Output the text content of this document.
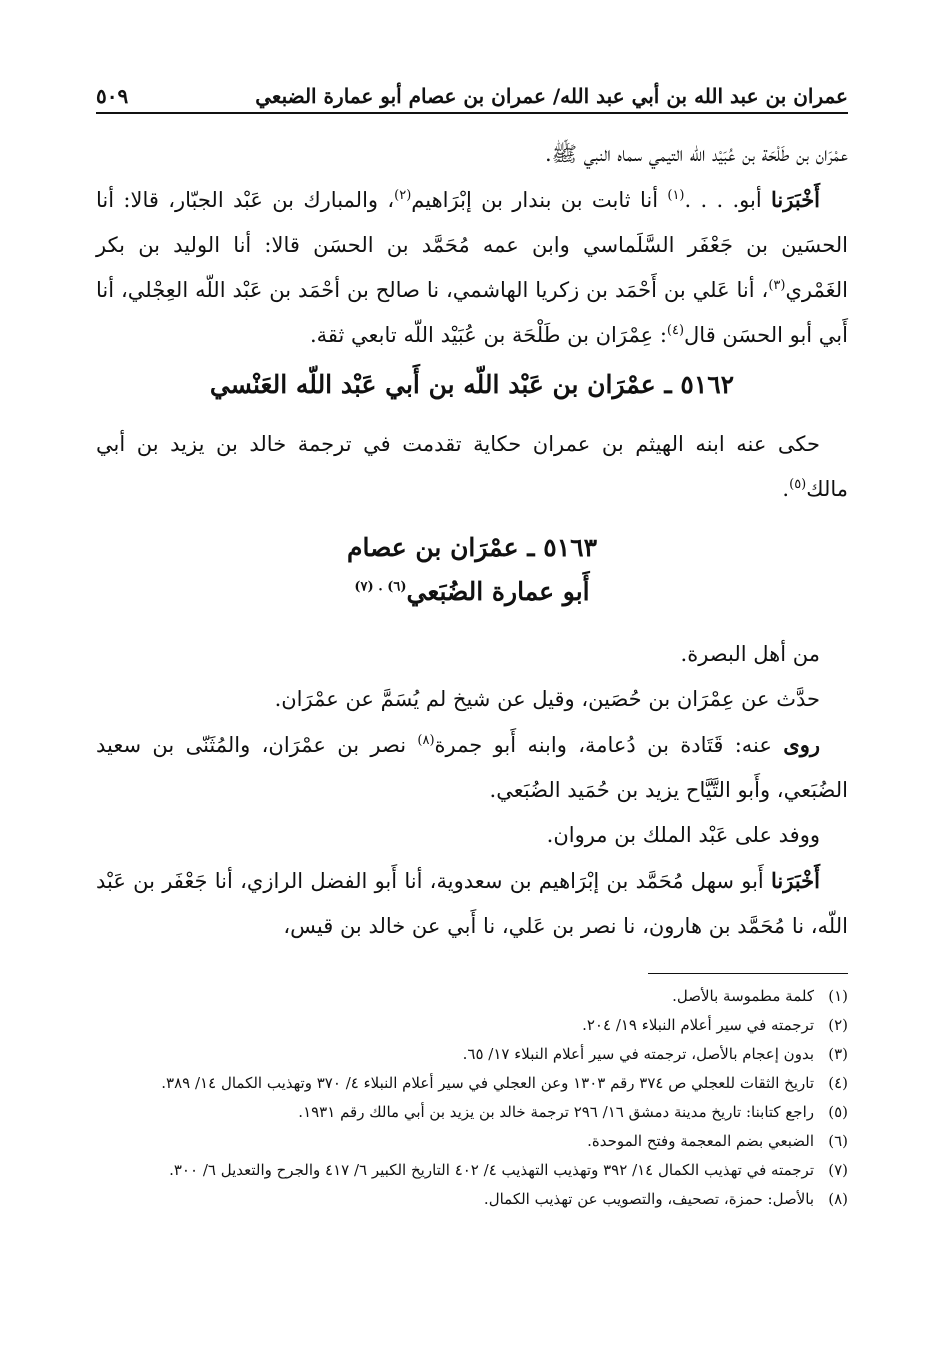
عمران بن عبد الله بن أبي عبد الله/ عمران بن عصام أبو عمارة الضبعي
٥٠٩

عمْرَان بن طَلْحَة بن عُبَيْد اللّه التيمي سماه النبي ﷺ.

أَخْبَرَنا أبو. . . .$^{(١)}$ أنا ثابت بن بندار بن إبْرَاهيم$^{(٢)}$، والمبارك بن عَبْد الجبّار، قالا: أنا الحسَين بن جَعْفَر السَّلَماسي وابن عمه مُحَمَّد بن الحسَن قالا: أنا الوليد بن بكر الغَمْري$^{(٣)}$، أنا عَلي بن أَحْمَد بن زكريا الهاشمي، نا صالح بن أحْمَد بن عَبْد اللّه العِجْلي، أنا أَبي أبو الحسَن قال$^{(٤)}$: عِمْرَان بن طَلْحَة بن عُبَيْد اللّه تابعي ثقة.

٥١٦٢ ـ عمْرَان بن عَبْد اللّه بن أَبي عَبْد اللّه العَنْسي

حكى عنه ابنه الهيثم بن عمران حكاية تقدمت في ترجمة خالد بن يزيد بن أبي مالك$^{(٥)}$.

٥١٦٣ ـ عمْرَان بن عصام
أَبو عمارة الضُبَعي$^{(٦)}$ $^{. (٧)}$

من أهل البصرة.

حدَّث عن عِمْرَان بن حُصَين، وقيل عن شيخ لم يُسَمَّ عن عمْرَان.

روى عنه: قَتَادة بن دُعامة، وابنه أَبو جمرة$^{(٨)}$ نصر بن عمْرَان، والمُثَنّى بن سعيد الضُبَعي، وأَبو التَّيَّاح يزيد بن حُمَيد الضُبَعي.

ووفد على عَبْد الملك بن مروان.

أَخْبَرَنا أَبو سهل مُحَمَّد بن إبْرَاهيم بن سعدوية، أنا أَبو الفضل الرازي، أنا جَعْفَر بن عَبْد اللّه، نا مُحَمَّد بن هارون، نا نصر بن عَلي، نا أَبي عن خالد بن قيس،

(١)
كلمة مطموسة بالأصل.
(٢)
ترجمته في سير أعلام النبلاء ١٩/ ٢٠٤.
(٣)
بدون إعجام بالأصل، ترجمته في سير أعلام النبلاء ١٧/ ٦٥.
(٤)
تاريخ الثقات للعجلي ص ٣٧٤ رقم ١٣٠٣ وعن العجلي في سير أعلام النبلاء ٤/ ٣٧٠ وتهذيب الكمال ١٤/ ٣٨٩.
(٥)
راجع كتابنا: تاريخ مدينة دمشق ١٦/ ٢٩٦ ترجمة خالد بن يزيد بن أبي مالك رقم ١٩٣١.
(٦)
الضبعي بضم المعجمة وفتح الموحدة.
(٧)
ترجمته في تهذيب الكمال ١٤/ ٣٩٢ وتهذيب التهذيب ٤/ ٤٠٢ التاريخ الكبير ٦/ ٤١٧ والجرح والتعديل ٦/ ٣٠٠.
(٨)
بالأصل: حمزة، تصحيف، والتصويب عن تهذيب الكمال.
